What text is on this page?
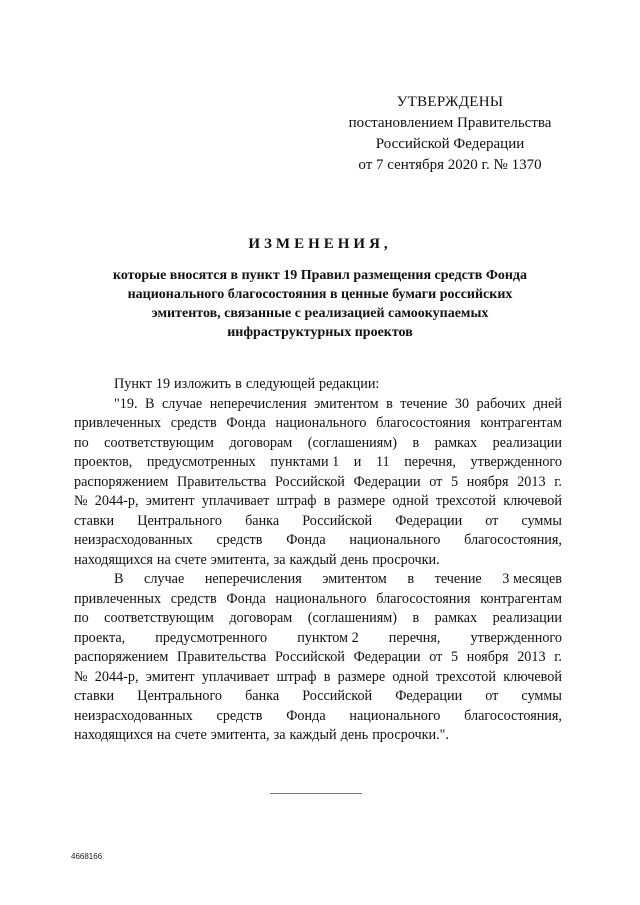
УТВЕРЖДЕНЫ
постановлением Правительства
Российской Федерации
от 7 сентября 2020 г. № 1370
ИЗМЕНЕНИЯ,
которые вносятся в пункт 19 Правил размещения средств Фонда
национального благосостояния в ценные бумаги российских
эмитентов, связанные с реализацией самоокупаемых
инфраструктурных проектов
Пункт 19 изложить в следующей редакции:
"19. В случае неперечисления эмитентом в течение 30 рабочих дней
привлеченных средств Фонда национального благосостояния контрагентам
по соответствующим договорам (соглашениям) в рамках реализации
проектов, предусмотренных пунктами 1 и 11 перечня, утвержденного
распоряжением Правительства Российской Федерации от 5 ноября 2013 г.
№ 2044-р, эмитент уплачивает штраф в размере одной трехсотой ключевой
ставки Центрального банка Российской Федерации от суммы
неизрасходованных средств Фонда национального благосостояния,
находящихся на счете эмитента, за каждый день просрочки.
В случае неперечисления эмитентом в течение 3 месяцев
привлеченных средств Фонда национального благосостояния контрагентам
по соответствующим договорам (соглашениям) в рамках реализации
проекта, предусмотренного пунктом 2 перечня, утвержденного
распоряжением Правительства Российской Федерации от 5 ноября 2013 г.
№ 2044-р, эмитент уплачивает штраф в размере одной трехсотой ключевой
ставки Центрального банка Российской Федерации от суммы
неизрасходованных средств Фонда национального благосостояния,
находящихся на счете эмитента, за каждый день просрочки.".
4668166
